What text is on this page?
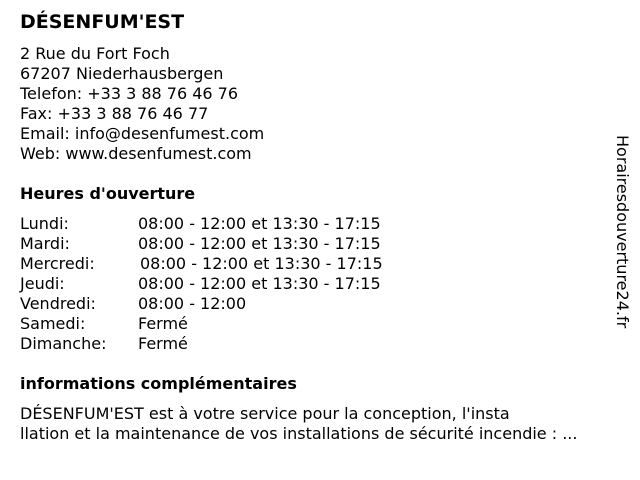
DÉSENFUM'EST
2 Rue du Fort Foch
67207 Niederhausbergen
Telefon: +33 3 88 76 46 76
Fax: +33 3 88 76 46 77
Email: info@desenfumest.com
Web: www.desenfumest.com
Heures d'ouverture
Lundi:	08:00 - 12:00 et 13:30 - 17:15
Mardi:	08:00 - 12:00 et 13:30 - 17:15
Mercredi:	08:00 - 12:00 et 13:30 - 17:15
Jeudi:	08:00 - 12:00 et 13:30 - 17:15
Vendredi:	08:00 - 12:00
Samedi:	Fermé
Dimanche: Fermé
informations complémentaires
DÉSENFUM'EST est à votre service pour la conception, l'insta
llation et la maintenance de vos installations de sécurité incendie : ...
Horairesdouverture24.fr
